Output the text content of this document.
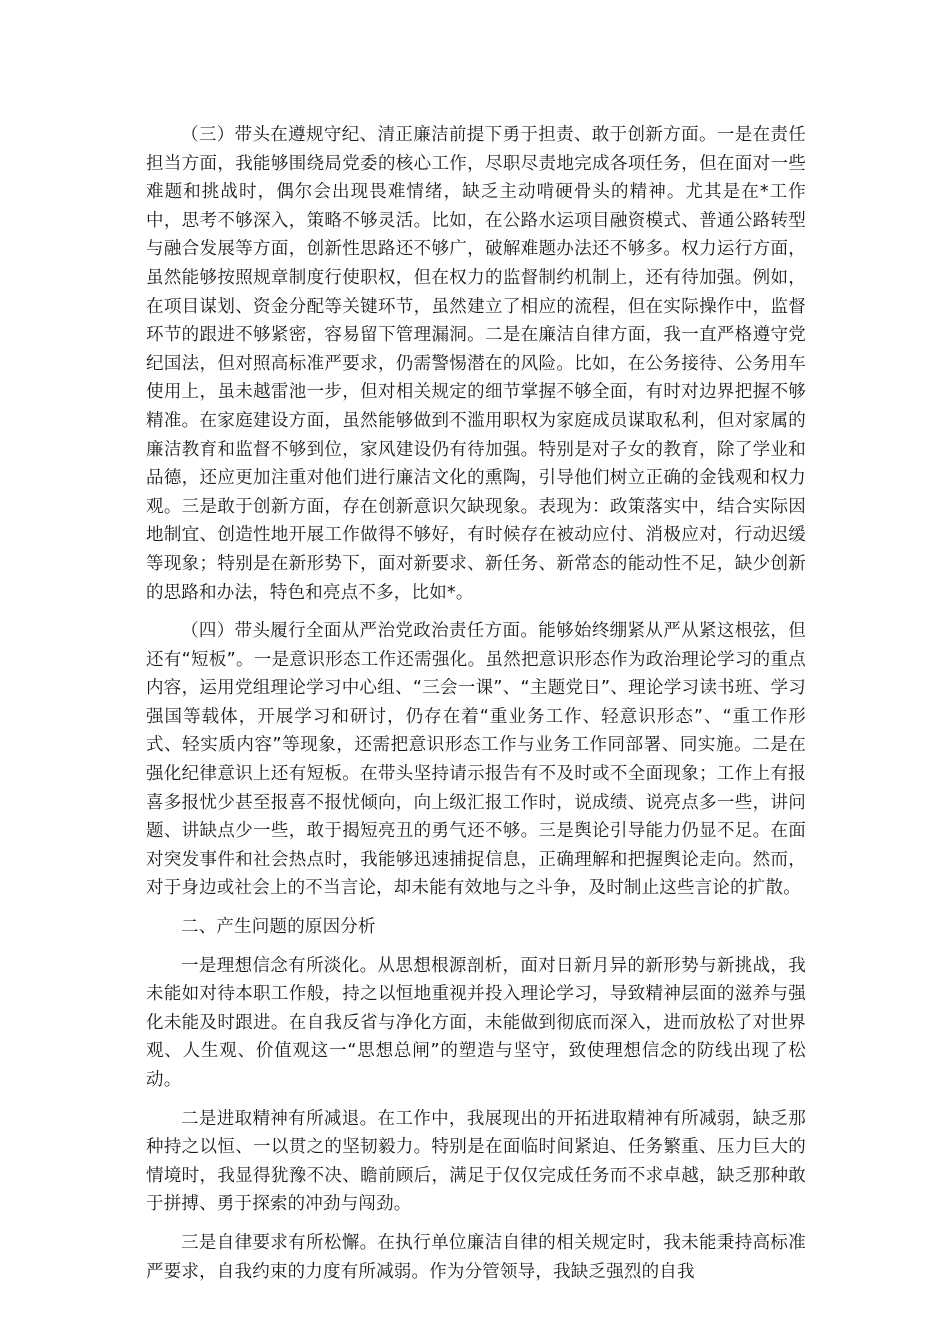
（三）带头在遵规守纪、清正廉洁前提下勇于担责、敢于创新方面。一是在责任担当方面，我能够围绕局党委的核心工作，尽职尽责地完成各项任务，但在面对一些难题和挑战时，偶尔会出现畏难情绪，缺乏主动啃硬骨头的精神。尤其是在*工作中，思考不够深入，策略不够灵活。比如，在公路水运项目融资模式、普通公路转型与融合发展等方面，创新性思路还不够广，破解难题办法还不够多。权力运行方面，虽然能够按照规章制度行使职权，但在权力的监督制约机制上，还有待加强。例如，在项目谋划、资金分配等关键环节，虽然建立了相应的流程，但在实际操作中，监督环节的跟进不够紧密，容易留下管理漏洞。二是在廉洁自律方面，我一直严格遵守党纪国法，但对照高标准严要求，仍需警惕潜在的风险。比如，在公务接待、公务用车使用上，虽未越雷池一步，但对相关规定的细节掌握不够全面，有时对边界把握不够精准。在家庭建设方面，虽然能够做到不滥用职权为家庭成员谋取私利，但对家属的廉洁教育和监督不够到位，家风建设仍有待加强。特别是对子女的教育，除了学业和品德，还应更加注重对他们进行廉洁文化的熏陶，引导他们树立正确的金钱观和权力观。三是敢于创新方面，存在创新意识欠缺现象。表现为：政策落实中，结合实际因地制宜、创造性地开展工作做得不够好，有时候存在被动应付、消极应对，行动迟缓等现象；特别是在新形势下，面对新要求、新任务、新常态的能动性不足，缺少创新的思路和办法，特色和亮点不多，比如*。

（四）带头履行全面从严治党政治责任方面。能够始终绷紧从严从紧这根弦，但还有“短板”。一是意识形态工作还需强化。虽然把意识形态作为政治理论学习的重点内容，运用党组理论学习中心组、“三会一课”、“主题党日”、理论学习读书班、学习强国等载体，开展学习和研讨，仍存在着“重业务工作、轻意识形态”、“重工作形式、轻实质内容”等现象，还需把意识形态工作与业务工作同部署、同实施。二是在强化纪律意识上还有短板。在带头坚持请示报告有不及时或不全面现象；工作上有报喜多报忧少甚至报喜不报忧倾向，向上级汇报工作时，说成绩、说亮点多一些，讲问题、讲缺点少一些，敢于揭短亮丑的勇气还不够。三是舆论引导能力仍显不足。在面对突发事件和社会热点时，我能够迅速捕捉信息，正确理解和把握舆论走向。然而，对于身边或社会上的不当言论，却未能有效地与之斗争，及时制止这些言论的扩散。

二、产生问题的原因分析

一是理想信念有所淡化。从思想根源剖析，面对日新月异的新形势与新挑战，我未能如对待本职工作般，持之以恒地重视并投入理论学习，导致精神层面的滋养与强化未能及时跟进。在自我反省与净化方面，未能做到彻底而深入，进而放松了对世界观、人生观、价值观这一“思想总闸”的塑造与坚守，致使理想信念的防线出现了松动。

二是进取精神有所减退。在工作中，我展现出的开拓进取精神有所减弱，缺乏那种持之以恒、一以贯之的坚韧毅力。特别是在面临时间紧迫、任务繁重、压力巨大的情境时，我显得犹豫不决、瞻前顾后，满足于仅仅完成任务而不求卓越，缺乏那种敢于拼搏、勇于探索的冲劲与闯劲。

三是自律要求有所松懈。在执行单位廉洁自律的相关规定时，我未能秉持高标准严要求，自我约束的力度有所减弱。作为分管领导，我缺乏强烈的自我
